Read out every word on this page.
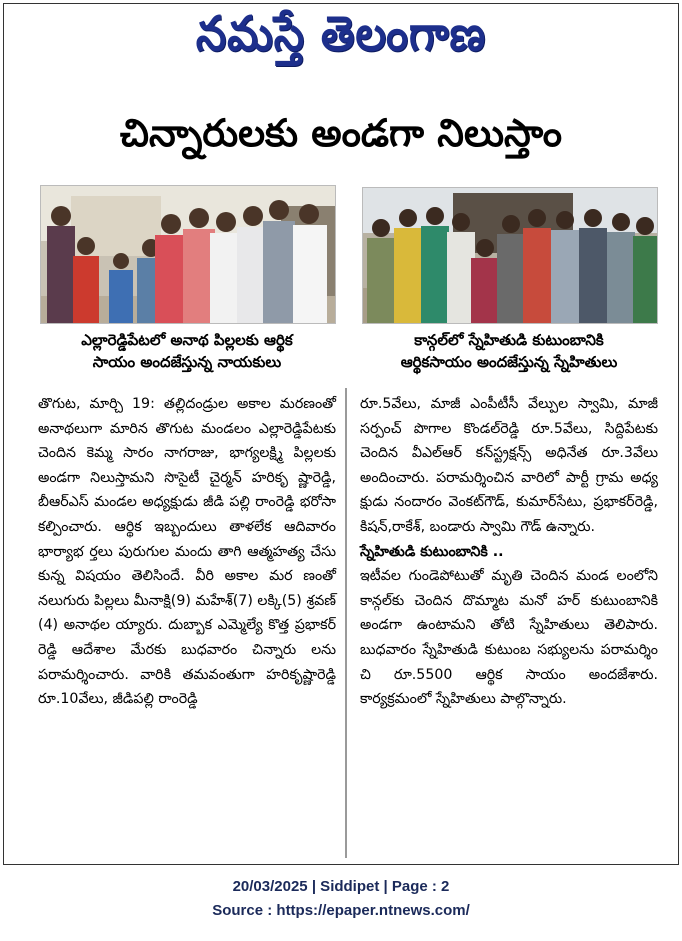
నమస్తే తెలంగాణ
చిన్నారులకు అండగా నిలుస్తాం
ఎల్లారెడ్డిపేటలో అనాథ పిల్లలకు ఆర్థిక
సాయం అందజేస్తున్న నాయకులు
కాన్గల్‌లో స్నేహితుడి కుటుంబానికి
ఆర్థికసాయం అందజేస్తున్న స్నేహితులు

తొగుట, మార్చి 19: తల్లిదండ్రుల అకాల మరణంతో అనాథలుగా మారిన తొగుట మండలం ఎల్లారెడ్డిపేటకు చెందిన కెమ్మ సారం నాగరాజు, భాగ్యలక్ష్మి పిల్లలకు అండగా నిలుస్తామని సొసైటీ చైర్మన్ హరికృ ష్ణారెడ్డి, బీఆర్‌ఎస్ మండల అధ్యక్షుడు జీడి పల్లి రాంరెడ్డి భరోసా కల్పించారు. ఆర్థిక ఇబ్బందులు తాళలేక ఆదివారం భార్యాభ ర్తలు పురుగుల మందు తాగి ఆత్మహత్య చేసు కున్న విషయం తెలిసిందే. వీరి అకాల మర ణంతో నలుగురు పిల్లలు మీనాక్షి(9) మహేశ్(7) లక్కి(5) శ్రవణ్ (4) అనాథల య్యారు. దుబ్బాక ఎమ్మెల్యే కొత్త ప్రభాకర్ రెడ్డి ఆదేశాల మేరకు బుధవారం చిన్నారు లను పరామర్శించారు. వారికి తమవంతుగా హరికృష్ణారెడ్డి రూ.10వేలు, జీడిపల్లి రాంరెడ్డి

రూ.5వేలు, మాజీ ఎంపీటీసీ వేల్పుల స్వామి, మాజీ సర్పంచ్ పొగాల కొండల్‌రెడ్డి రూ.5వేలు, సిద్దిపేటకు చెందిన వీఎల్‌ఆర్ కన్‌స్ట్రక్షన్స్ అధినేత రూ.3వేలు అందించారు. పరామర్శించిన వారిలో పార్టీ గ్రామ అధ్య క్షుడు నందారం వెంకట్‌గౌడ్, కుమార్‌సేటు, ప్రభాకర్‌రెడ్డి, కిషన్,రాకేశ్, బండారు స్వామి గౌడ్ ఉన్నారు.

స్నేహితుడి కుటుంబానికి ..

ఇటీవల గుండెపోటుతో మృతి చెందిన మండ లంలోని కాన్గల్‌కు చెందిన దొమ్మాట మనో హర్ కుటుంబానికి అండగా ఉంటామని తోటి స్నేహితులు తెలిపారు. బుధవారం స్నేహితుడి కుటుంబ సభ్యులను పరామర్శిం చి రూ.5500 ఆర్థిక సాయం అందజేశారు. కార్యక్రమంలో స్నేహితులు పాల్గొన్నారు.

20/03/2025 | Siddipet | Page : 2
Source : https://epaper.ntnews.com/
